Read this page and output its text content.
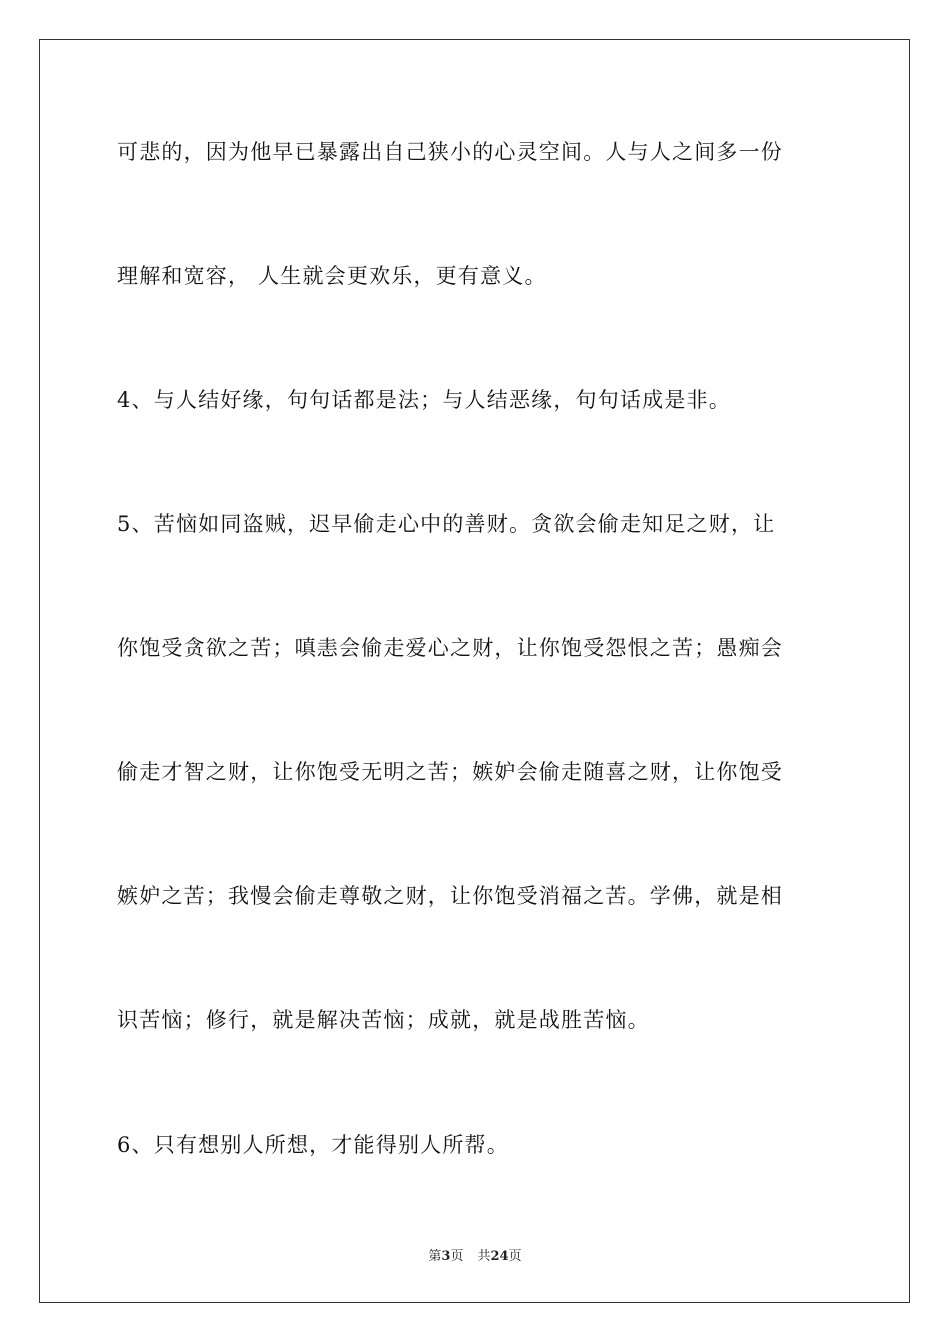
可悲的，因为他早已暴露出自己狭小的心灵空间。人与人之间多一份
理解和宽容， 人生就会更欢乐，更有意义。
4、与人结好缘，句句话都是法；与人结恶缘，句句话成是非。
5、苦恼如同盗贼，迟早偷走心中的善财。贪欲会偷走知足之财，让
你饱受贪欲之苦；嗔恚会偷走爱心之财，让你饱受怨恨之苦；愚痴会
偷走才智之财，让你饱受无明之苦；嫉妒会偷走随喜之财，让你饱受
嫉妒之苦；我慢会偷走尊敬之财，让你饱受消福之苦。学佛，就是相
识苦恼；修行，就是解决苦恼；成就，就是战胜苦恼。
6、只有想别人所想，才能得别人所帮。
第3页 共24页
